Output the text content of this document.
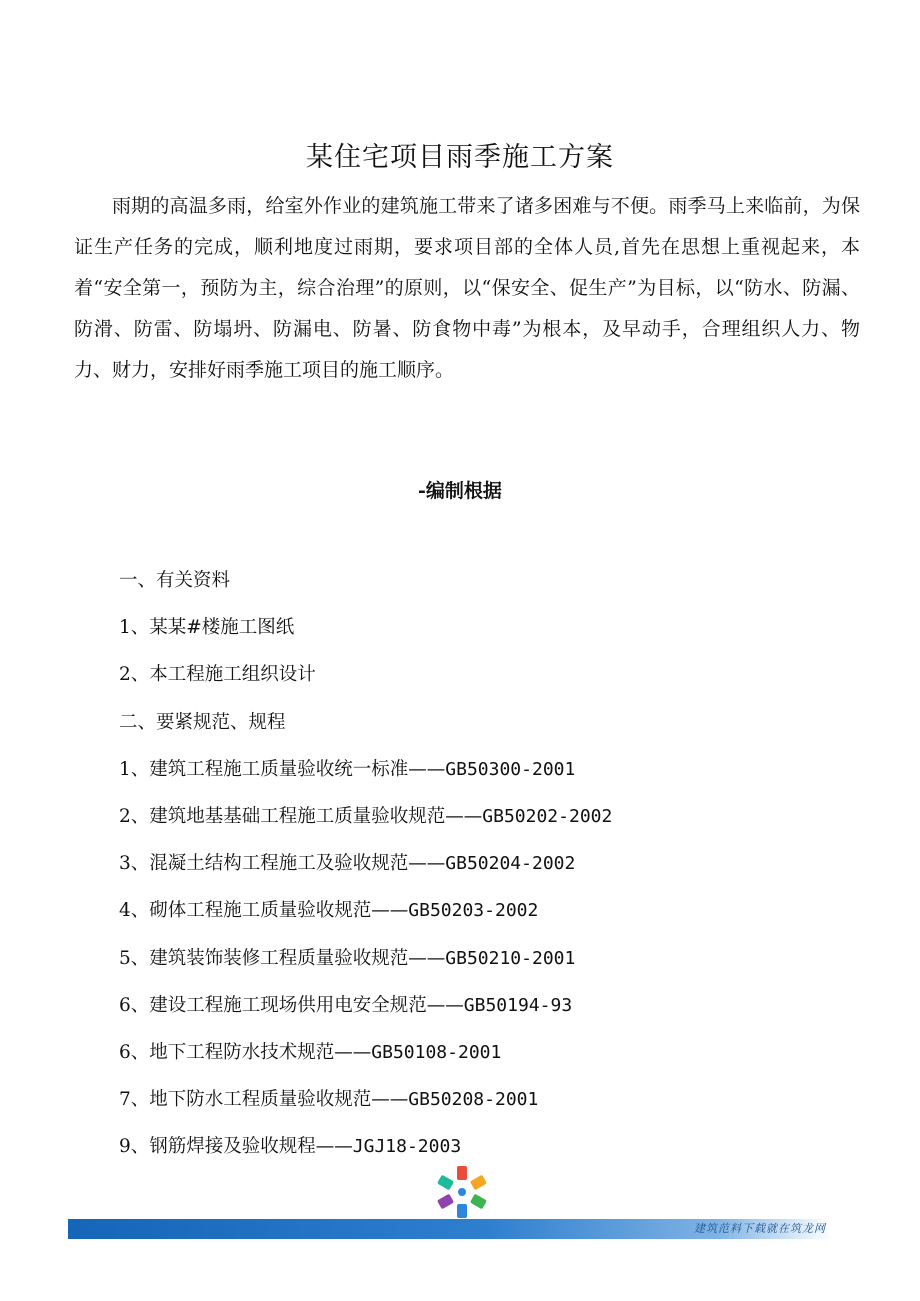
某住宅项目雨季施工方案

雨期的高温多雨，给室外作业的建筑施工带来了诸多困难与不便。雨季马上来临前，为保证生产任务的完成，顺利地度过雨期，要求项目部的全体人员,首先在思想上重视起来，本着“安全第一，预防为主，综合治理”的原则，以“保安全、促生产”为目标，以“防水、防漏、防滑、防雷、防塌坍、防漏电、防暑、防食物中毒”为根本，及早动手，合理组织人力、物力、财力，安排好雨季施工项目的施工顺序。

-编制根据
一、有关资料
1、某某#楼施工图纸
2、本工程施工组织设计
二、要紧规范、规程
1、建筑工程施工质量验收统一标准——GB50300-2001
2、建筑地基基础工程施工质量验收规范——GB50202-2002
3、混凝土结构工程施工及验收规范——GB50204-2002
4、砌体工程施工质量验收规范——GB50203-2002
5、建筑装饰装修工程质量验收规范——GB50210-2001
6、建设工程施工现场供用电安全规范——GB50194-93
6、地下工程防水技术规范——GB50108-2001
7、地下防水工程质量验收规范——GB50208-2001
9、钢筋焊接及验收规程——JGJ18-2003
建筑范料下载就在筑龙网
